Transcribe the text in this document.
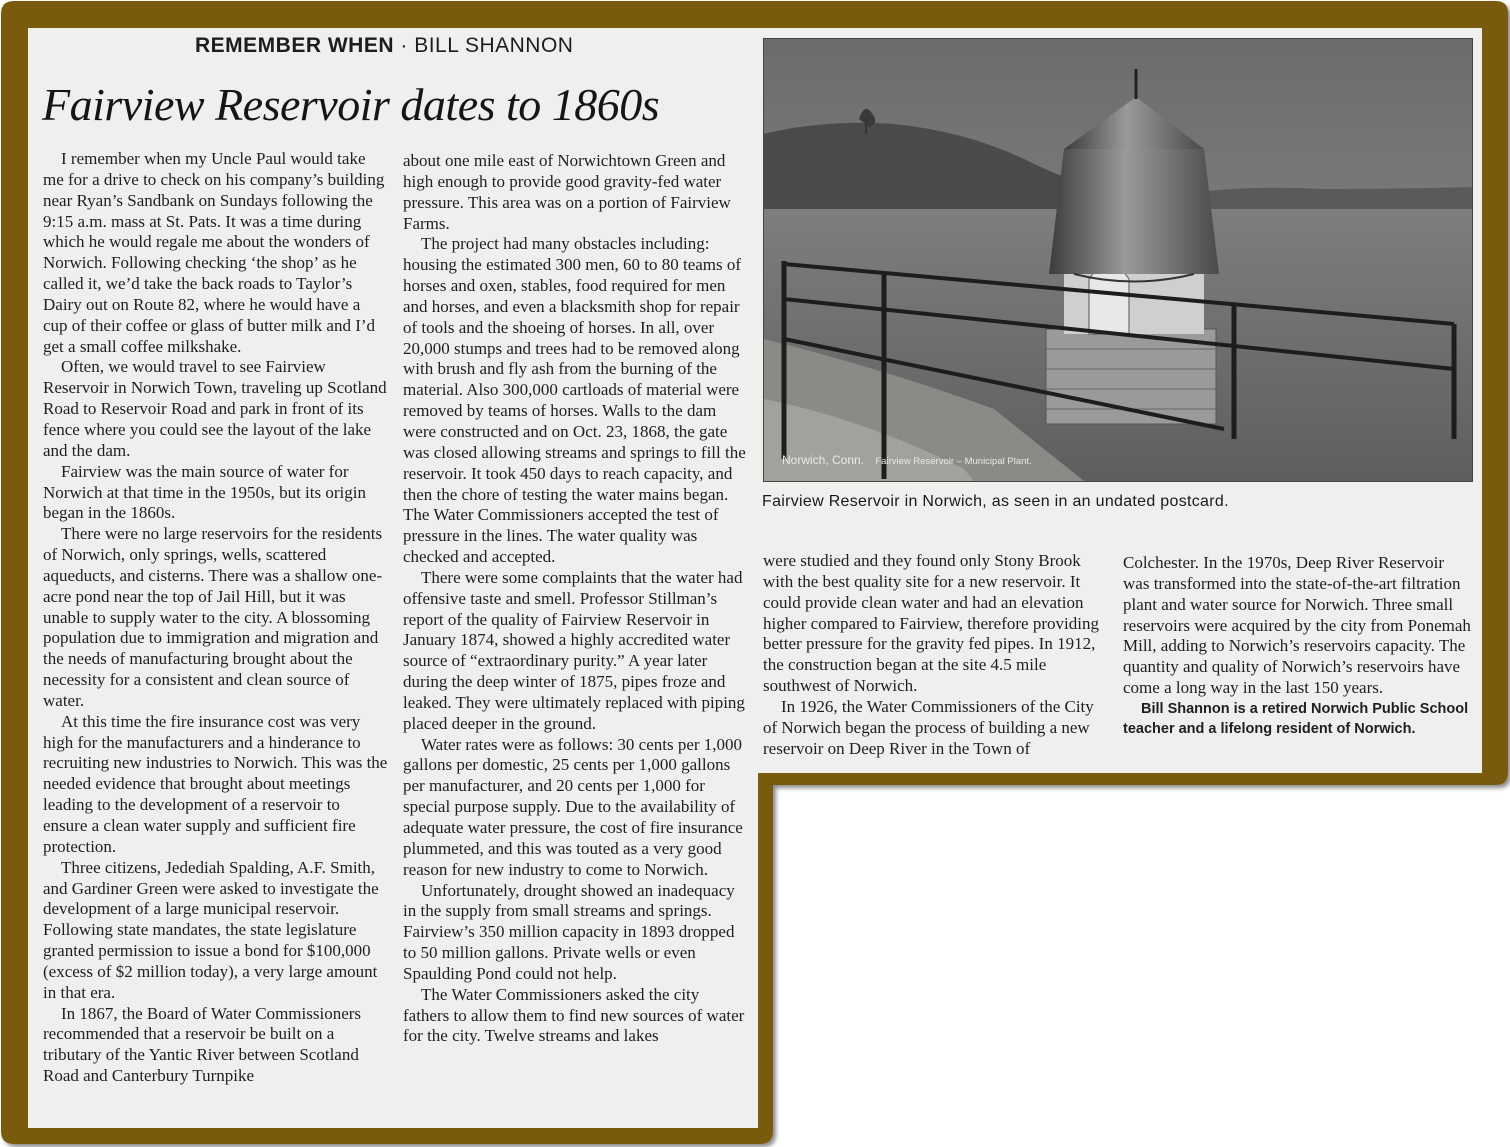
REMEMBER WHEN · BILL SHANNON
Fairview Reservoir dates to 1860s

I remember when my Uncle Paul would take me for a drive to check on his company’s building near Ryan’s Sandbank on Sundays following the 9:15 a.m. mass at St. Pats. It was a time during which he would regale me about the wonders of Norwich. Following checking ‘the shop’ as he called it, we’d take the back roads to Taylor’s Dairy out on Route 82, where he would have a cup of their coffee or glass of butter milk and I’d get a small coffee milkshake.

Often, we would travel to see Fairview Reservoir in Norwich Town, traveling up Scotland Road to Reservoir Road and park in front of its fence where you could see the layout of the lake and the dam.

Fairview was the main source of water for Norwich at that time in the 1950s, but its origin began in the 1860s.

There were no large reservoirs for the residents of Norwich, only springs, wells, scattered aqueducts, and cisterns. There was a shallow one-acre pond near the top of Jail Hill, but it was unable to supply water to the city. A blossoming population due to immigration and migration and the needs of manufacturing brought about the necessity for a consistent and clean source of water.

At this time the fire insurance cost was very high for the manufacturers and a hinderance to recruiting new industries to Norwich. This was the needed evidence that brought about meetings leading to the development of a reservoir to ensure a clean water supply and sufficient fire protection.

Three citizens, Jedediah Spalding, A.F. Smith, and Gardiner Green were asked to investigate the development of a large municipal reservoir. Following state mandates, the state legislature granted permission to issue a bond for $100,000 (excess of $2 million today), a very large amount in that era.

In 1867, the Board of Water Commissioners recommended that a reservoir be built on a tributary of the Yantic River between Scotland Road and Canterbury Turnpike

about one mile east of Norwichtown Green and high enough to provide good gravity-fed water pressure. This area was on a portion of Fairview Farms.

The project had many obstacles including: housing the estimated 300 men, 60 to 80 teams of horses and oxen, stables, food required for men and horses, and even a blacksmith shop for repair of tools and the shoeing of horses. In all, over 20,000 stumps and trees had to be removed along with brush and fly ash from the burning of the material. Also 300,000 cartloads of material were removed by teams of horses. Walls to the dam were constructed and on Oct. 23, 1868, the gate was closed allowing streams and springs to fill the reservoir. It took 450 days to reach capacity, and then the chore of testing the water mains began. The Water Commissioners accepted the test of pressure in the lines. The water quality was checked and accepted.

There were some complaints that the water had offensive taste and smell. Professor Stillman’s report of the quality of Fairview Reservoir in January 1874, showed a highly accredited water source of “extraordinary purity.” A year later during the deep winter of 1875, pipes froze and leaked. They were ultimately replaced with piping placed deeper in the ground.

Water rates were as follows: 30 cents per 1,000 gallons per domestic, 25 cents per 1,000 gallons per manufacturer, and 20 cents per 1,000 for special purpose supply. Due to the availability of adequate water pressure, the cost of fire insurance plummeted, and this was touted as a very good reason for new industry to come to Norwich.

Unfortunately, drought showed an inadequacy in the supply from small streams and springs. Fairview’s 350 million capacity in 1893 dropped to 50 million gallons. Private wells or even Spaulding Pond could not help.

The Water Commissioners asked the city fathers to allow them to find new sources of water for the city. Twelve streams and lakes

Norwich, Conn. Fairview Reservoir – Municipal Plant.
Fairview Reservoir in Norwich, as seen in an undated postcard.

were studied and they found only Stony Brook with the best quality site for a new reservoir. It could provide clean water and had an elevation higher compared to Fairview, therefore providing better pressure for the gravity fed pipes. In 1912, the construction began at the site 4.5 mile southwest of Norwich.

In 1926, the Water Commissioners of the City of Norwich began the process of building a new reservoir on Deep River in the Town of

Colchester. In the 1970s, Deep River Reservoir was transformed into the state-of-the-art filtration plant and water source for Norwich. Three small reservoirs were acquired by the city from Ponemah Mill, adding to Norwich’s reservoirs capacity. The quantity and quality of Norwich’s reservoirs have come a long way in the last 150 years.

Bill Shannon is a retired Norwich Public School teacher and a lifelong resident of Norwich.
